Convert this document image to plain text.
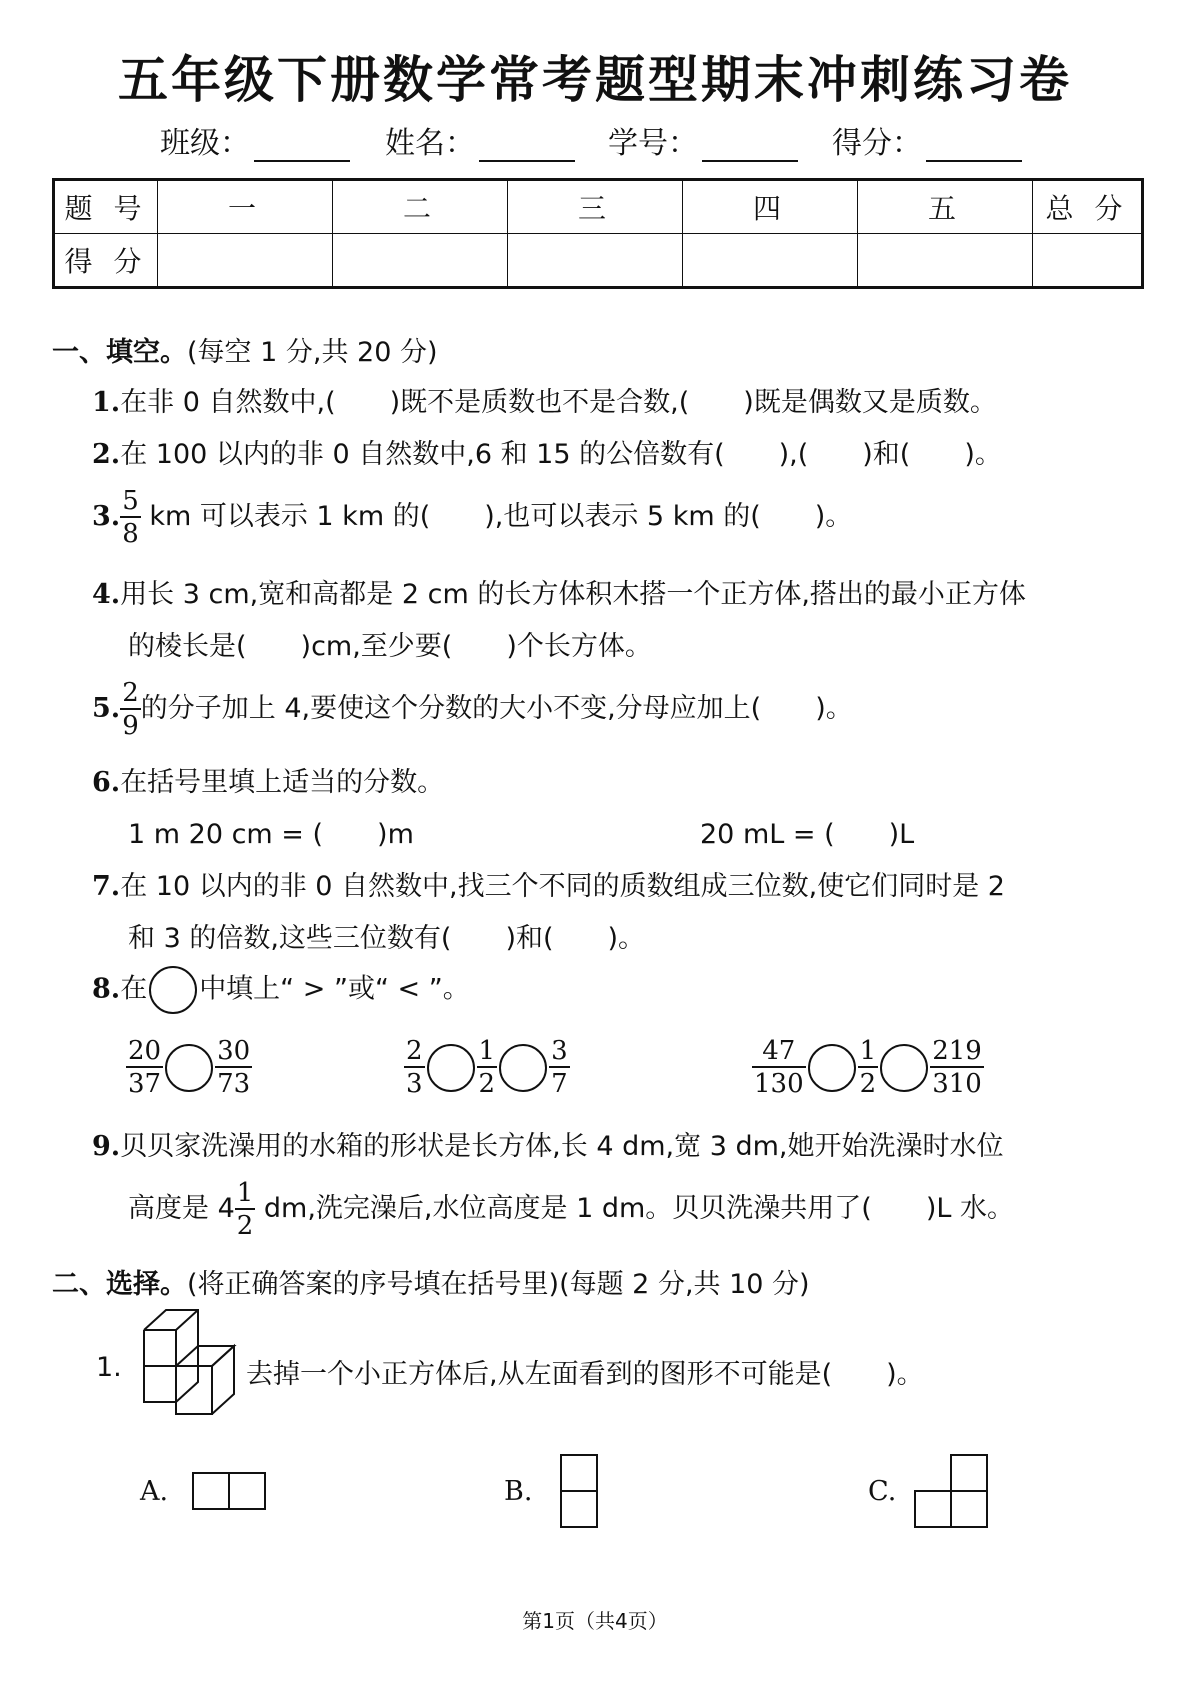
五年级下册数学常考题型期末冲刺练习卷
班级：	姓名：	学号：	得分：
题 号	一	二	三	四	五	总 分
得 分						
一、填空。(每空 1 分,共 20 分)
1.在非 0 自然数中,(　　)既不是质数也不是合数,(　　)既是偶数又是质数。
2.在 100 以内的非 0 自然数中,6 和 15 的公倍数有(　　),(　　)和(　　)。
3. $\frac{5}{8}$ km 可以表示 1 km 的(　　),也可以表示 5 km 的(　　)。
4.用长 3 cm,宽和高都是 2 cm 的长方体积木搭一个正方体,搭出的最小正方体
的棱长是(　　)cm,至少要(　　)个长方体。
5. $\frac{2}{9}$ 的分子加上 4,要使这个分数的大小不变,分母应加上(　　)。
6.在括号里填上适当的分数。
1 m 20 cm = (　　)m	20 mL = (　　)L
7.在 10 以内的非 0 自然数中,找三个不同的质数组成三位数,使它们同时是 2
和 3 的倍数,这些三位数有(　　)和(　　)。
8.在 中填上“ > ”或“ < ”。
$\frac{20}{37} \frac{30}{73}$	$\frac{2}{3} \frac{1}{2} \frac{3}{7}$	$\frac{47}{130} \frac{1}{2} \frac{219}{310}$
9.贝贝家洗澡用的水箱的形状是长方体,长 4 dm,宽 3 dm,她开始洗澡时水位
高度是 $4 \frac{1}{2}$ dm,洗完澡后,水位高度是 1 dm。贝贝洗澡共用了(　　)L 水。
二、选择。(将正确答案的序号填在括号里)(每题 2 分,共 10 分)
1.	去掉一个小正方体后,从左面看到的图形不可能是(　　)。
A.	B.	C.
第1页（共4页）
